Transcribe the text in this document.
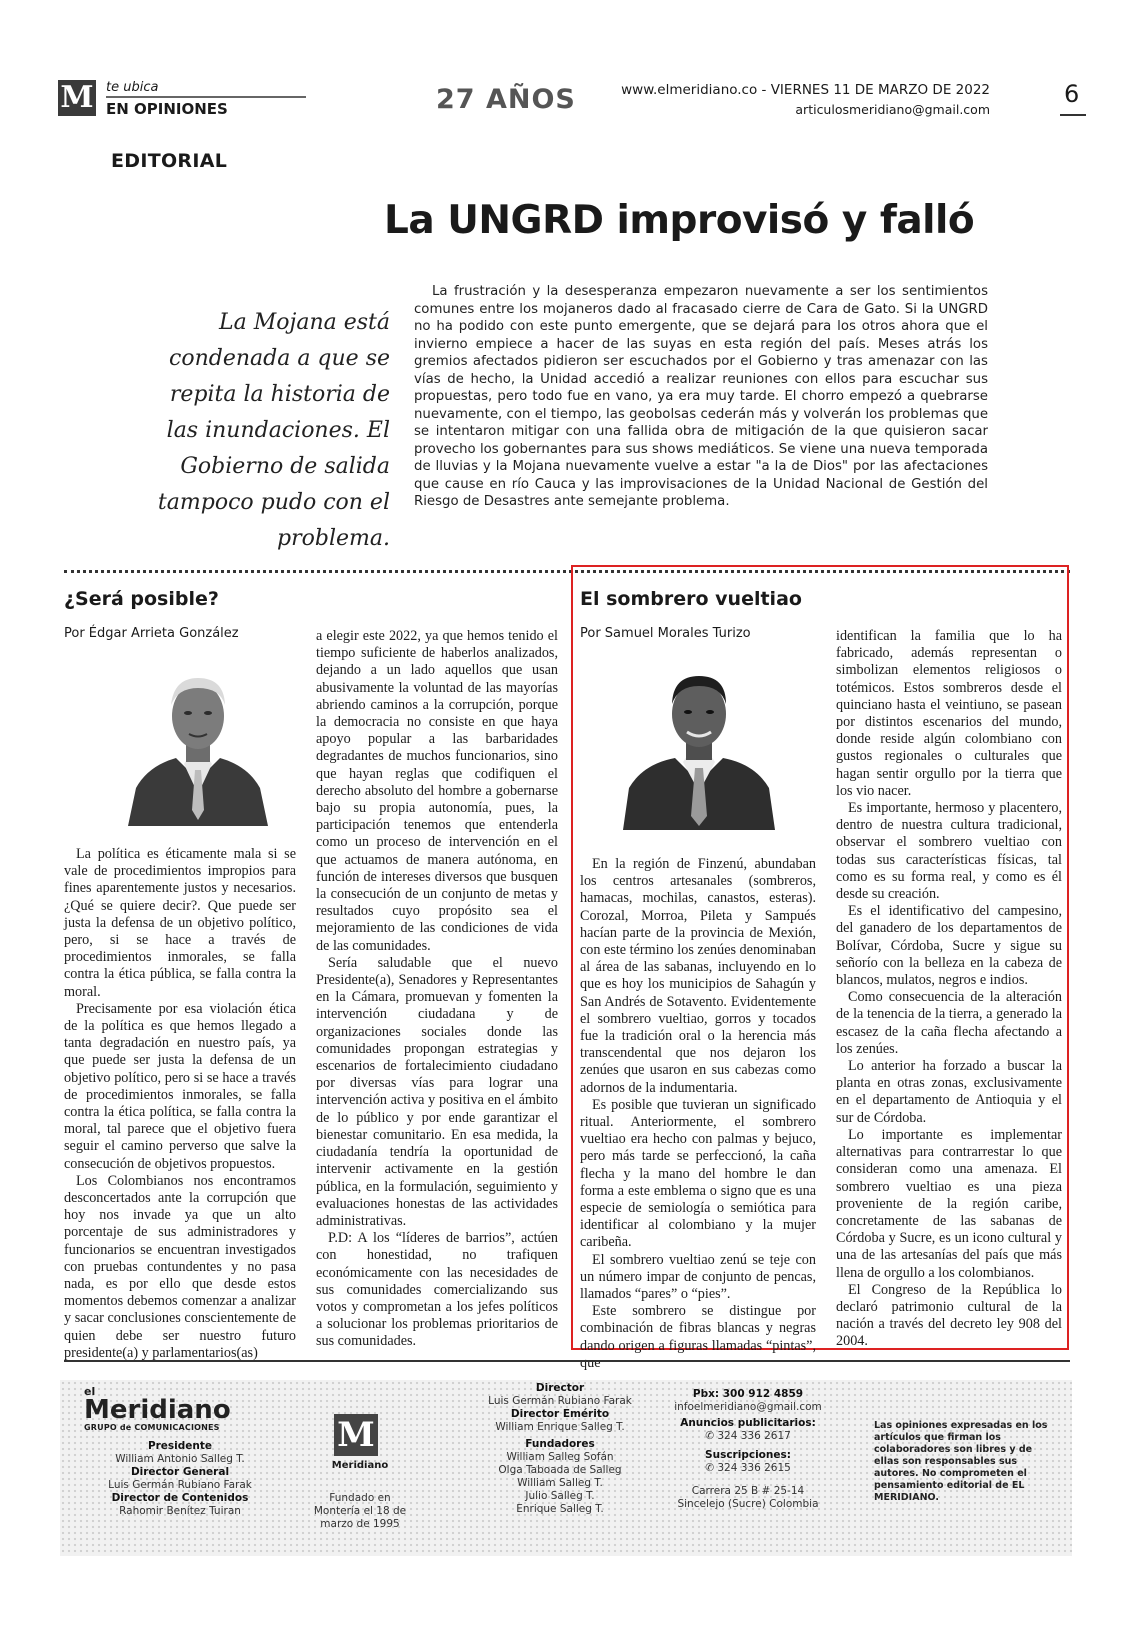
M te ubica
EN OPINIONES	27 AÑOS	www.elmeridiano.co - VIERNES 11 DE MARZO DE 2022
articulosmeridiano@gmail.com
6
EDITORIAL
La UNGRD improvisó y falló
La Mojana está condenada a que se repita la historia de las inundaciones. El Gobierno de salida tampoco pudo con el problema.

La frustración y la desesperanza empezaron nuevamente a ser los sentimientos comunes entre los mojaneros dado al fracasado cierre de Cara de Gato. Si la UNGRD no ha podido con este punto emergente, que se dejará para los otros ahora que el invierno empiece a hacer de las suyas en esta región del país. Meses atrás los gremios afectados pidieron ser escuchados por el Gobierno y tras amenazar con las vías de hecho, la Unidad accedió a realizar reuniones con ellos para escuchar sus propuestas, pero todo fue en vano, ya era muy tarde. El chorro empezó a quebrarse nuevamente, con el tiempo, las geobolsas cederán más y volverán los problemas que se intentaron mitigar con una fallida obra de mitigación de la que quisieron sacar provecho los gobernantes para sus shows mediáticos. Se viene una nueva temporada de lluvias y la Mojana nuevamente vuelve a estar "a la de Dios" por las afectaciones que cause en río Cauca y las improvisaciones de la Unidad Nacional de Gestión del Riesgo de Desastres ante semejante problema.

¿Será posible?
Por Édgar Arrieta González

La política es éticamente mala si se vale de procedimientos impropios para fines aparentemente justos y necesarios. ¿Qué se quiere decir?. Que puede ser justa la defensa de un objetivo político, pero, si se hace a través de procedimientos inmorales, se falla contra la ética pública, se falla contra la moral.

Precisamente por esa violación ética de la política es que hemos llegado a tanta degradación en nuestro país, ya que puede ser justa la defensa de un objetivo político, pero si se hace a través de procedimientos inmorales, se falla contra la ética política, se falla contra la moral, tal parece que el objetivo fuera seguir el camino perverso que salve la consecución de objetivos propuestos.

Los Colombianos nos encontramos desconcertados ante la corrupción que hoy nos invade ya que un alto porcentaje de sus administradores y funcionarios se encuentran investigados con pruebas contundentes y no pasa nada, es por ello que desde estos momentos debemos comenzar a analizar y sacar conclusiones conscientemente de quien debe ser nuestro futuro presidente(a) y parlamentarios(as)

a elegir este 2022, ya que hemos tenido el tiempo suficiente de haberlos analizados, dejando a un lado aquellos que usan abusivamente la voluntad de las mayorías abriendo caminos a la corrupción, porque la democracia no consiste en que haya apoyo popular a las barbaridades degradantes de muchos funcionarios, sino que hayan reglas que codifiquen el derecho absoluto del hombre a gobernarse bajo su propia autonomía, pues, la participación tenemos que entenderla como un proceso de intervención en el que actuamos de manera autónoma, en función de intereses diversos que busquen la consecución de un conjunto de metas y resultados cuyo propósito sea el mejoramiento de las condiciones de vida de las comunidades.

Sería saludable que el nuevo Presidente(a), Senadores y Representantes en la Cámara, promuevan y fomenten la intervención ciudadana y de organizaciones sociales donde las comunidades propongan estrategias y escenarios de fortalecimiento ciudadano por diversas vías para lograr una intervención activa y positiva en el ámbito de lo público y por ende garantizar el bienestar comunitario. En esa medida, la ciudadanía tendría la oportunidad de intervenir activamente en la gestión pública, en la formulación, seguimiento y evaluaciones honestas de las actividades administrativas.

P.D: A los “líderes de barrios”, actúen con honestidad, no trafiquen económicamente con las necesidades de sus comunidades comercializando sus votos y comprometan a los jefes políticos a solucionar los problemas prioritarios de sus comunidades.

El sombrero vueltiao
Por Samuel Morales Turizo

En la región de Finzenú, abundaban los centros artesanales (sombreros, hamacas, mochilas, canastos, esteras). Corozal, Morroa, Pileta y Sampués hacían parte de la provincia de Mexión, con este término los zenúes denominaban al área de las sabanas, incluyendo en lo que es hoy los municipios de Sahagún y San Andrés de Sotavento. Evidentemente el sombrero vueltiao, gorros y tocados fue la tradición oral o la herencia más transcendental que nos dejaron los zenúes que usaron en sus cabezas como adornos de la indumentaria.

Es posible que tuvieran un significado ritual. Anteriormente, el sombrero vueltiao era hecho con palmas y bejuco, pero más tarde se perfeccionó, la caña flecha y la mano del hombre le dan forma a este emblema o signo que es una especie de semiología o semiótica para identificar al colombiano y la mujer caribeña.

El sombrero vueltiao zenú se teje con un número impar de conjunto de pencas, llamados “pares” o “pies”.

Este sombrero se distingue por combinación de fibras blancas y negras dando origen a figuras llamadas “pintas”, que

identifican la familia que lo ha fabricado, además representan o simbolizan elementos religiosos o totémicos. Estos sombreros desde el quinciano hasta el veintiuno, se pasean por distintos escenarios del mundo, donde reside algún colombiano con gustos regionales o culturales que hagan sentir orgullo por la tierra que los vio nacer.

Es importante, hermoso y placentero, dentro de nuestra cultura tradicional, observar el sombrero vueltiao con todas sus características físicas, tal como es su forma real, y como es él desde su creación.

Es el identificativo del campesino, del ganadero de los departamentos de Bolívar, Córdoba, Sucre y sigue su señorío con la belleza en la cabeza de blancos, mulatos, negros e indios.

Como consecuencia de la alteración de la tenencia de la tierra, a generado la escasez de la caña flecha afectando a los zenúes.

Lo anterior ha forzado a buscar la planta en otras zonas, exclusivamente en el departamento de Antioquia y el sur de Córdoba.

Lo importante es implementar alternativas para contrarrestar lo que consideran como una amenaza. El sombrero vueltiao es una pieza proveniente de la región caribe, concretamente de las sabanas de Córdoba y Sucre, es un icono cultural y una de las artesanías del país que más llena de orgullo a los colombianos.

El Congreso de la República lo declaró patrimonio cultural de la nación a través del decreto ley 908 del 2004.

el
Meridiano
GRUPO de COMUNICACIONES
Presidente
William Antonio Salleg T.
Director General
Luis Germán Rubiano Farak
Director de Contenidos
Rahomir Benítez Tuiran
M
Meridiano
Fundado en Montería el 18 de marzo de 1995
Director
Luis Germán Rubiano Farak
Director Emérito
William Enrique Salleg T.
Fundadores
William Salleg Sofán
Olga Taboada de Salleg
William Salleg T.
Julio Salleg T.
Enrique Salleg T.
Pbx: 300 912 4859
infoelmeridiano@gmail.com
Anuncios publicitarios:
✆ 324 336 2617
Suscripciones:
✆ 324 336 2615
Carrera 25 B # 25-14
Sincelejo (Sucre) Colombia
Las opiniones expresadas en los artículos que firman los colaboradores son libres y de ellas son responsables sus autores. No comprometen el pensamiento editorial de EL MERIDIANO.
